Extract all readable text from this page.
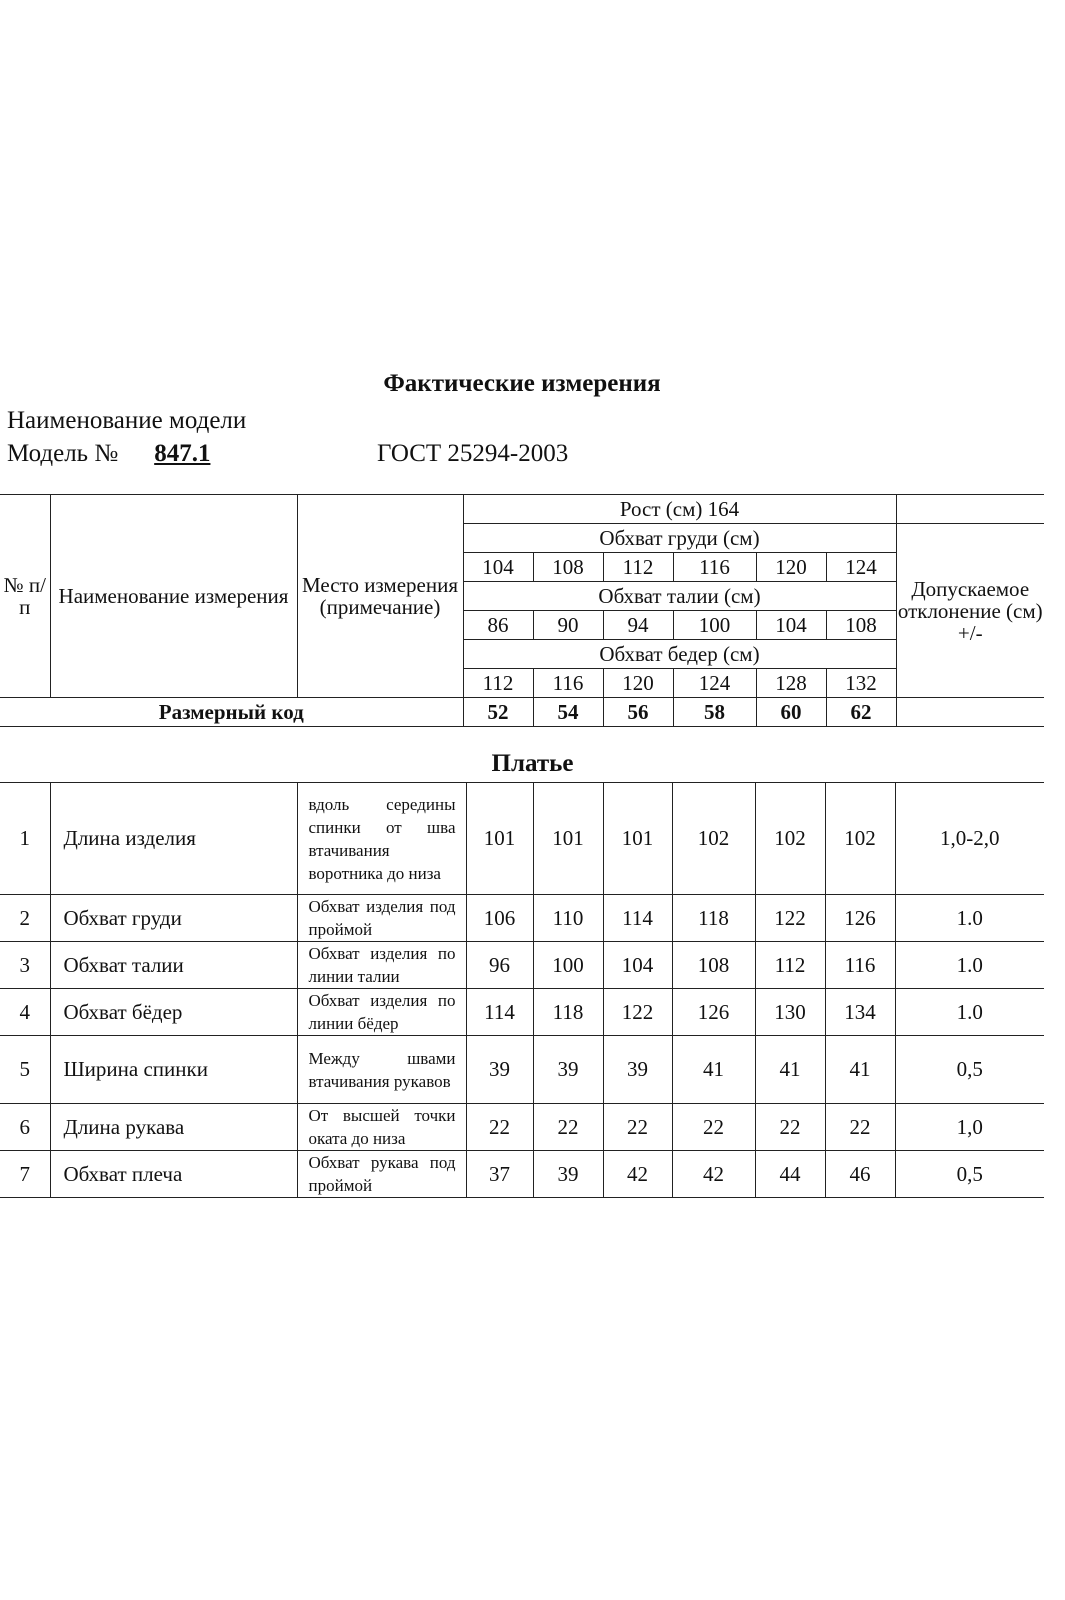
Фактические измерения
Наименование модели
Модель № 847.1	ГОСТ 25294-2003
№ п/п	Наименование измерения	Место измерения (примечание)	Рост (см) 164						
			Обхват груди (см)						Допускаемое отклонение (см) +/-
			104	108	112	116	120	124	
			Обхват талии (см)						
			86	90	94	100	104	108	
			Обхват бедер (см)						
			112	116	120	124	128	132	
Размерный код			52	54	56	58	60	62	
Платье
1	Длина изделия	вдоль середины спинки от шва втачивания воротника до низа	101	101	101	102	102	102	1,0-2,0
2	Обхват груди	Обхват изделия под проймой	106	110	114	118	122	126	1.0
3	Обхват талии	Обхват изделия по линии талии	96	100	104	108	112	116	1.0
4	Обхват бёдер	Обхват изделия по линии бёдер	114	118	122	126	130	134	1.0
5	Ширина спинки	Между швами втачивания рукавов	39	39	39	41	41	41	0,5
6	Длина рукава	От высшей точки оката до низа	22	22	22	22	22	22	1,0
7	Обхват плеча	Обхват рукава под проймой	37	39	42	42	44	46	0,5
